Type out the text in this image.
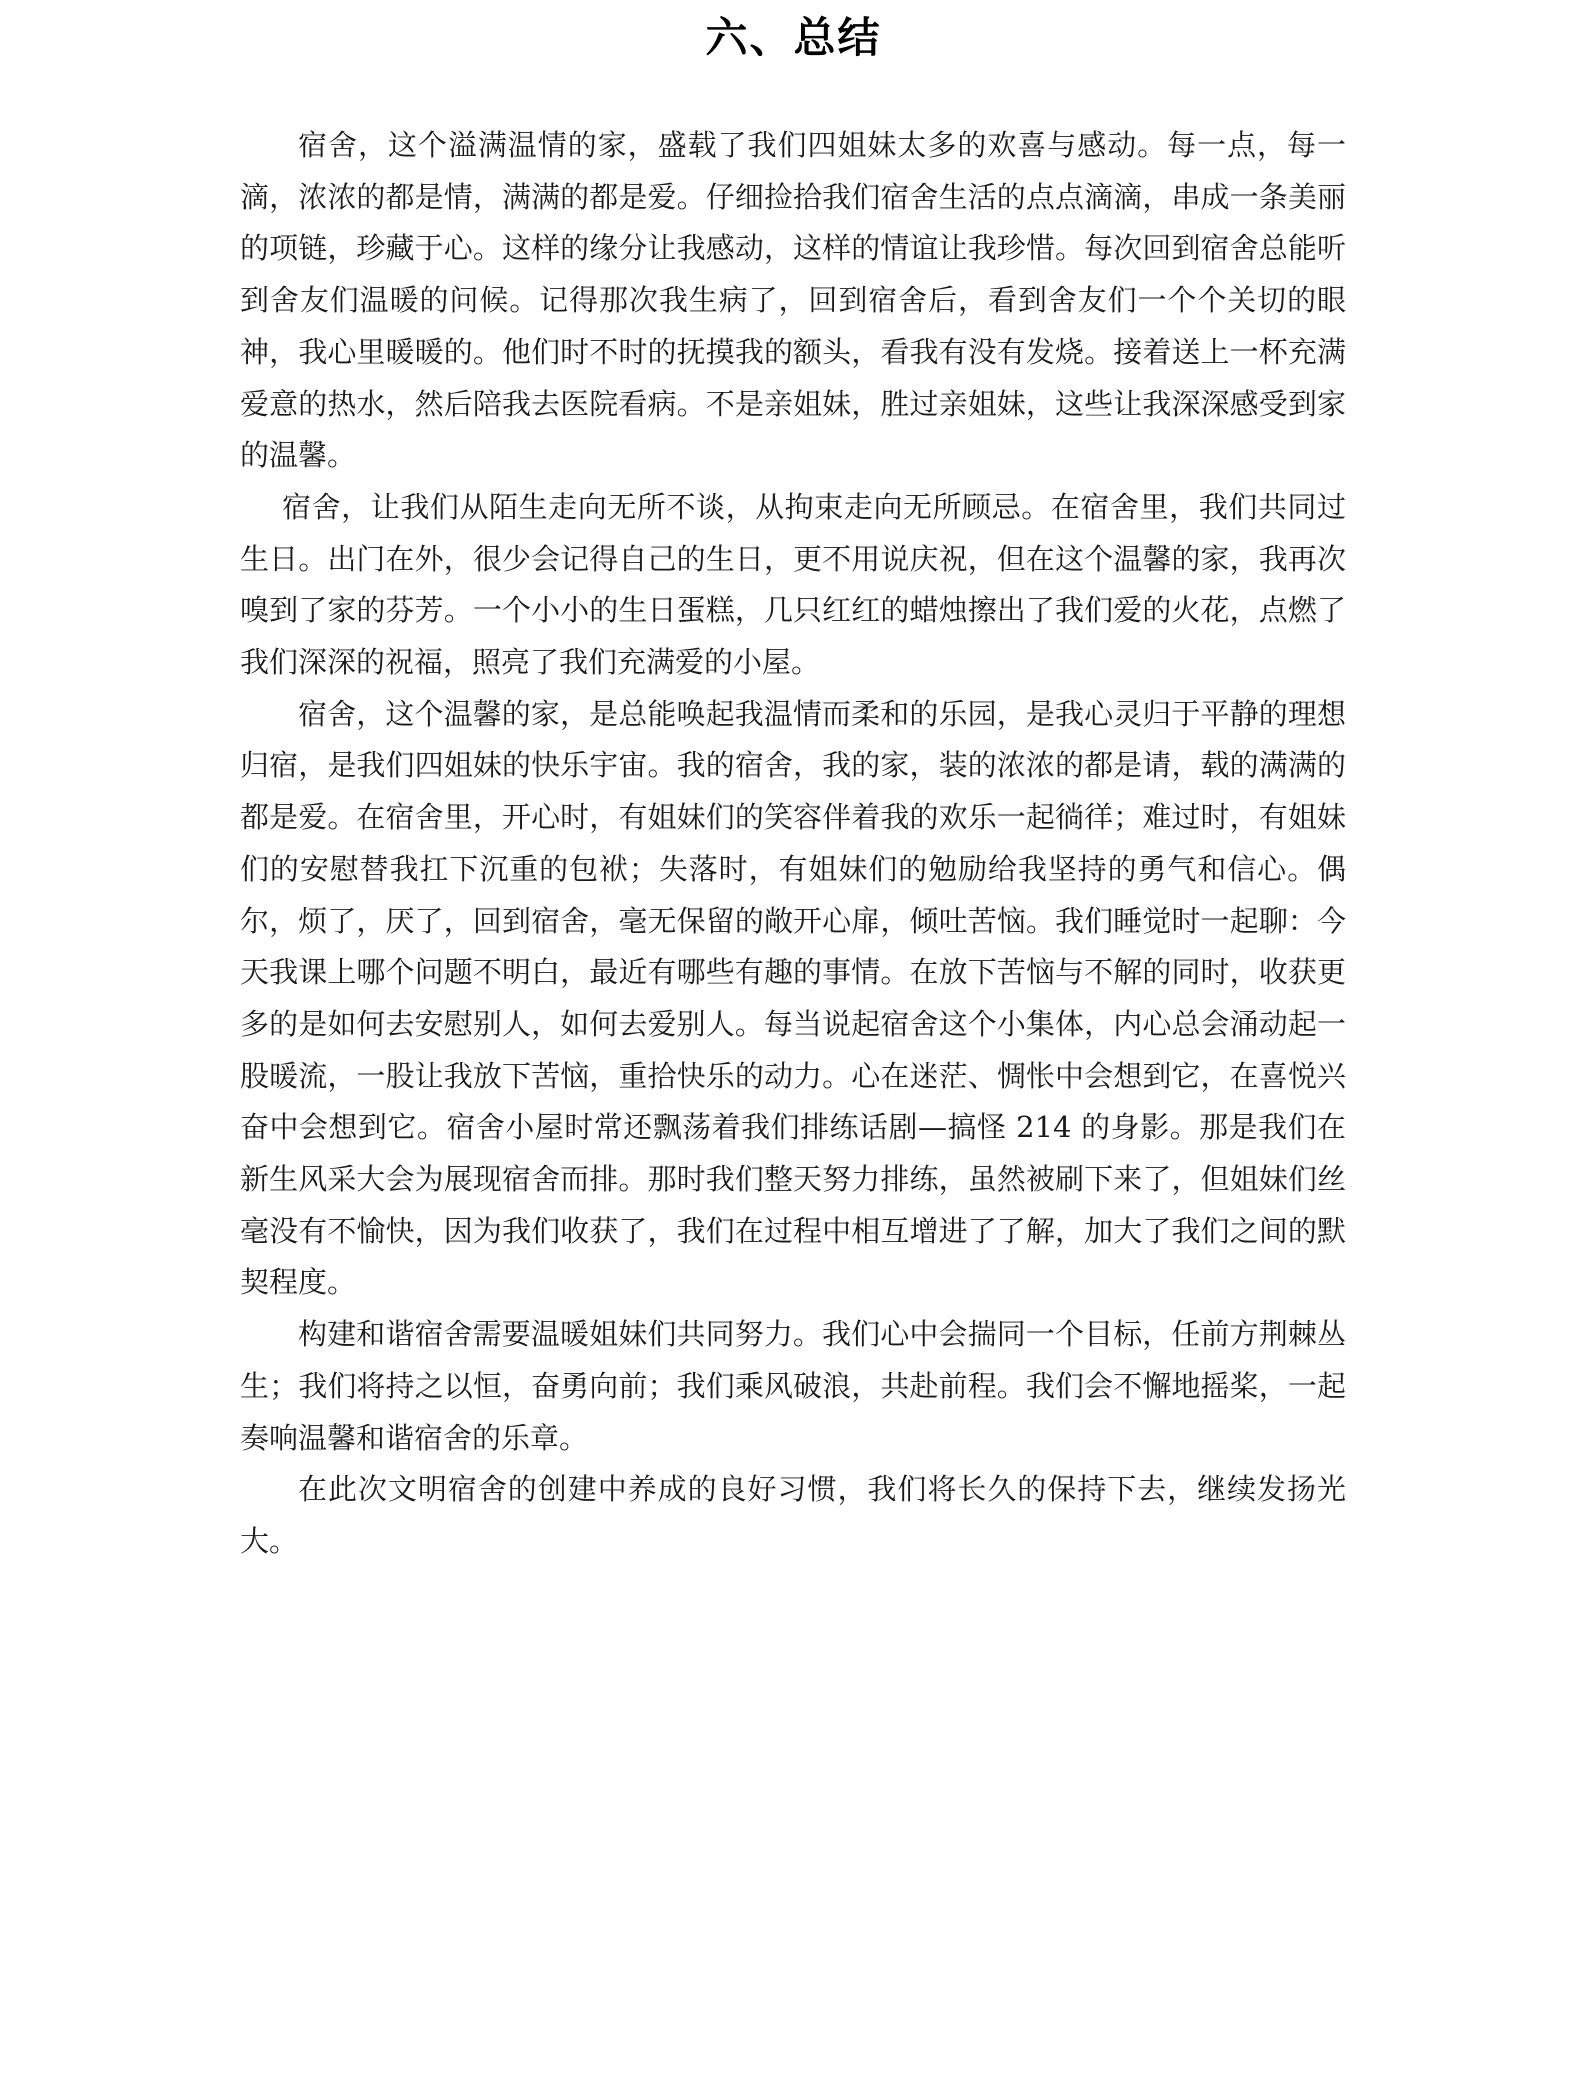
六、总结

宿舍，这个溢满温情的家，盛载了我们四姐妹太多的欢喜与感动。每一点，每一滴，浓浓的都是情，满满的都是爱。仔细捡拾我们宿舍生活的点点滴滴，串成一条美丽的项链，珍藏于心。这样的缘分让我感动，这样的情谊让我珍惜。每次回到宿舍总能听到舍友们温暖的问候。记得那次我生病了，回到宿舍后，看到舍友们一个个关切的眼神，我心里暖暖的。他们时不时的抚摸我的额头，看我有没有发烧。接着送上一杯充满爱意的热水，然后陪我去医院看病。不是亲姐妹，胜过亲姐妹，这些让我深深感受到家的温馨。

宿舍，让我们从陌生走向无所不谈，从拘束走向无所顾忌。在宿舍里，我们共同过生日。出门在外，很少会记得自己的生日，更不用说庆祝，但在这个温馨的家，我再次嗅到了家的芬芳。一个小小的生日蛋糕，几只红红的蜡烛擦出了我们爱的火花，点燃了我们深深的祝福，照亮了我们充满爱的小屋。

宿舍，这个温馨的家，是总能唤起我温情而柔和的乐园，是我心灵归于平静的理想归宿，是我们四姐妹的快乐宇宙。我的宿舍，我的家，装的浓浓的都是请，载的满满的都是爱。在宿舍里，开心时，有姐妹们的笑容伴着我的欢乐一起徜徉；难过时，有姐妹们的安慰替我扛下沉重的包袱；失落时，有姐妹们的勉励给我坚持的勇气和信心。偶尔，烦了，厌了，回到宿舍，毫无保留的敞开心扉，倾吐苦恼。我们睡觉时一起聊：今天我课上哪个问题不明白，最近有哪些有趣的事情。在放下苦恼与不解的同时，收获更多的是如何去安慰别人，如何去爱别人。每当说起宿舍这个小集体，内心总会涌动起一股暖流，一股让我放下苦恼，重拾快乐的动力。心在迷茫、惆怅中会想到它，在喜悦兴奋中会想到它。宿舍小屋时常还飘荡着我们排练话剧—搞怪 214 的身影。那是我们在新生风采大会为展现宿舍而排。那时我们整天努力排练，虽然被刷下来了，但姐妹们丝毫没有不愉快，因为我们收获了，我们在过程中相互增进了了解，加大了我们之间的默契程度。

构建和谐宿舍需要温暖姐妹们共同努力。我们心中会揣同一个目标，任前方荆棘丛生；我们将持之以恒，奋勇向前；我们乘风破浪，共赴前程。我们会不懈地摇桨，一起奏响温馨和谐宿舍的乐章。

在此次文明宿舍的创建中养成的良好习惯，我们将长久的保持下去，继续发扬光大。
